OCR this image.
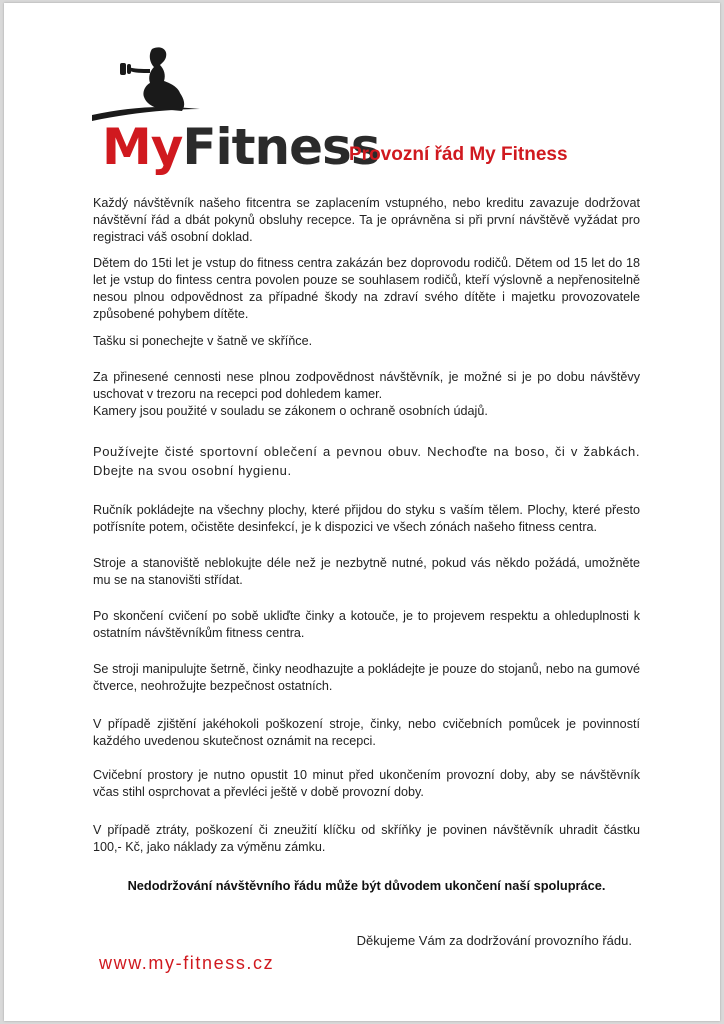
MyFitness
Provozní řád My Fitness

Každý návštěvník našeho fitcentra se zaplacením vstupného, nebo kreditu zavazuje dodržovat návštěvní řád a dbát pokynů obsluhy recepce. Ta je oprávněna si při první návštěvě vyžádat pro registraci váš osobní doklad.

Dětem do 15ti let je vstup do fitness centra zakázán bez doprovodu rodičů. Dětem od 15 let do 18 let je vstup do fintess centra povolen pouze se souhlasem rodičů, kteří výslovně a nepřenositelně nesou plnou odpovědnost za případné škody na zdraví svého dítěte i majetku provozovatele způsobené pohybem dítěte.

Tašku si ponechejte v šatně ve skříňce.

Za přinesené cennosti nese plnou zodpovědnost návštěvník, je možné si je po dobu návštěvy uschovat v trezoru na recepci pod dohledem kamer.
Kamery jsou použité v souladu se zákonem o ochraně osobních údajů.

Používejte čisté sportovní oblečení a pevnou obuv. Nechoďte na boso, či v žabkách. Dbejte na svou osobní hygienu.

Ručník pokládejte na všechny plochy, které přijdou do styku s vaším tělem. Plochy, které přesto potřísníte potem, očistěte desinfekcí, je k dispozici ve všech zónách našeho fitness centra.

Stroje a stanoviště neblokujte déle než je nezbytně nutné, pokud vás někdo požádá, umožněte mu se na stanovišti střídat.

Po skončení cvičení po sobě ukliďte činky a kotouče, je to projevem respektu a ohleduplnosti k ostatním návštěvníkům fitness centra.

Se stroji manipulujte šetrně, činky neodhazujte a pokládejte je pouze do stojanů, nebo na gumové čtverce, neohrožujte bezpečnost ostatních.

V případě zjištění jakéhokoli poškození stroje, činky, nebo cvičebních pomůcek je povinností každého uvedenou skutečnost oznámit na recepci.

Cvičební prostory je nutno opustit 10 minut před ukončením provozní doby, aby se návštěvník včas stihl osprchovat a převléci ještě v době provozní doby.

V případě ztráty, poškození či zneužití klíčku od skříňky je povinen návštěvník uhradit částku 100,- Kč, jako náklady za výměnu zámku.

Nedodržování návštěvního řádu může být důvodem ukončení naší spolupráce.
Děkujeme Vám za dodržování provozního řádu.
www.my-fitness.cz
